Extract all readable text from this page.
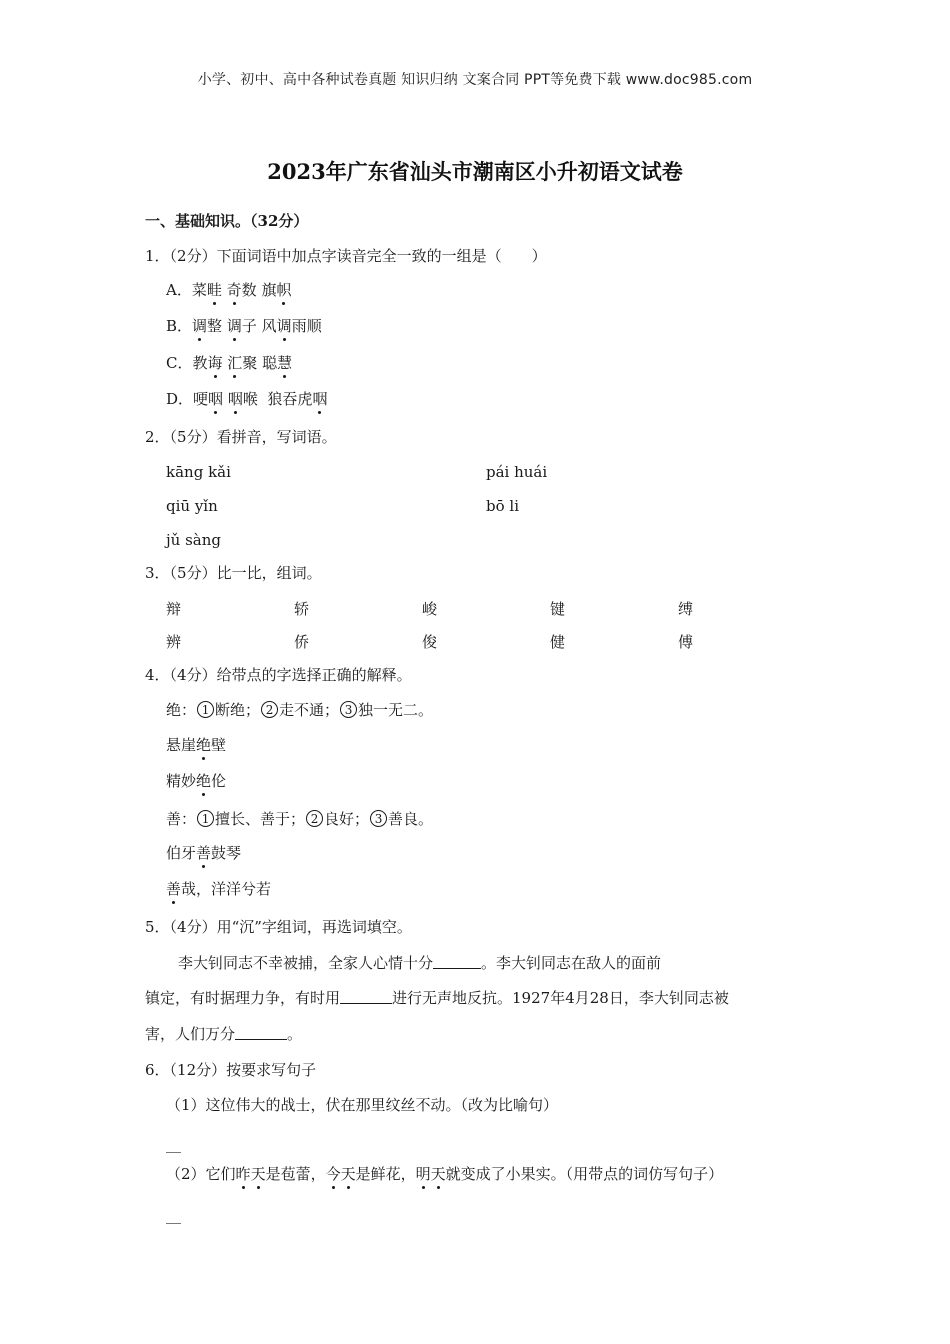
小学、初中、高中各种试卷真题 知识归纳 文案合同 PPT等免费下载 www.doc985.com
2023年广东省汕头市潮南区小升初语文试卷
一、基础知识。（32分）
1．（2分）下面词语中加点字读音完全一致的一组是（　　）
A．菜畦 奇数 旗帜
B．调整 调子 风调雨顺
C．教诲 汇聚 聪慧
D．哽咽 咽喉 狼吞虎咽
2．（5分）看拼音，写词语。
kāng kǎi	pái huái
qiū yǐn	bō li
jǔ sàng
3．（5分）比一比，组词。
辩	轿	峻	键	缚
辨	侨	俊	健	傅
4．（4分）给带点的字选择正确的解释。
绝： 1 断绝； 2 走不通； 3 独一无二。
悬崖绝壁
精妙绝伦
善： 1 擅长、善于； 2 良好； 3 善良。
伯牙善鼓琴
善哉，洋洋兮若
5．（4分）用“沉”字组词，再选词填空。
李大钊同志不幸被捕，全家人心情十分	。李大钊同志在敌人的面前
镇定，有时据理力争，有时用	进行无声地反抗。1927年4月28日，李大钊同志被
害，人们万分	。
6．（12分）按要求写句子
（1）这位伟大的战士，伏在那里纹丝不动。（改为比喻句）
__
（2）它们昨天是苞蕾，今天是鲜花，明天就变成了小果实。（用带点的词仿写句子）
__
